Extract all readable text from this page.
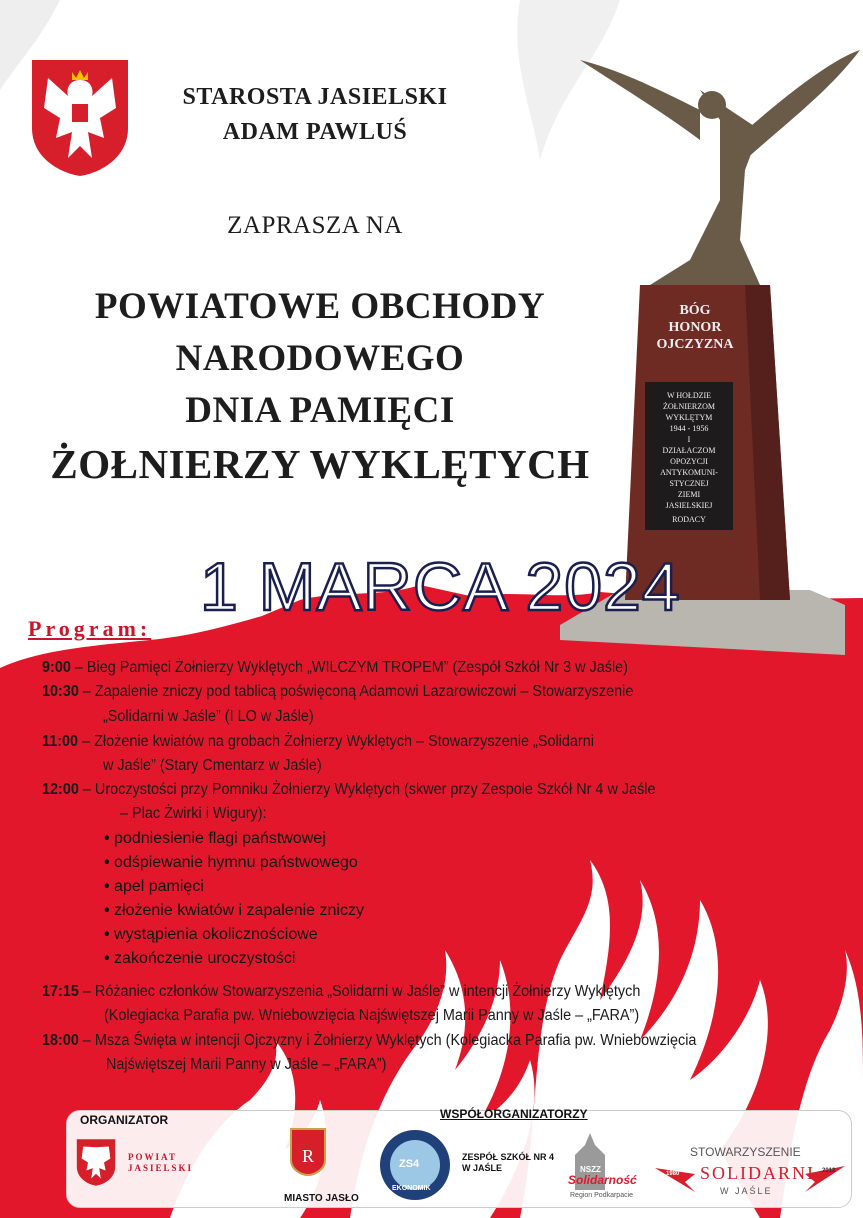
STAROSTA JASIELSKI
ADAM PAWLUŚ
ZAPRASZA NA
POWIATOWE OBCHODY
NARODOWEGO
DNIA PAMIĘCI
ŻOŁNIERZY WYKLĘTYCH
BÓG
HONOR
OJCZYZNA
W HOŁDZIE
ŻOŁNIERZOM
WYKLĘTYM
1944 - 1956
I
DZIAŁACZOM
OPOZYCJI
ANTYKOMUNI-
STYCZNEJ
ZIEMI
JASIELSKIEJ
RODACY
1 MARCA 2024
Program:
9:00 – Bieg Pamięci Żołnierzy Wyklętych „WILCZYM TROPEM” (Zespół Szkół Nr 3 w Jaśle)
10:30 – Zapalenie zniczy pod tablicą poświęconą Adamowi Lazarowiczowi – Stowarzyszenie
„Solidarni w Jaśle” (I LO w Jaśle)
11:00 – Złożenie kwiatów na grobach Żołnierzy Wyklętych – Stowarzyszenie „Solidarni
w Jaśle” (Stary Cmentarz w Jaśle)
12:00 – Uroczystości przy Pomniku Żołnierzy Wyklętych (skwer przy Zespole Szkół Nr 4 w Jaśle
– Plac Żwirki i Wigury):
• podniesienie flagi państwowej
• odśpiewanie hymnu państwowego
• apel pamięci
• złożenie kwiatów i zapalenie zniczy
• wystąpienia okolicznościowe
• zakończenie uroczystości
17:15 – Różaniec członków Stowarzyszenia „Solidarni w Jaśle” w intencji Żołnierzy Wyklętych
(Kolegiacka Parafia pw. Wniebowzięcia Najświętszej Marii Panny w Jaśle – „FARA”)
18:00 – Msza Święta w intencji Ojczyzny i Żołnierzy Wyklętych (Kolegiacka Parafia pw. Wniebowzięcia
Najświętszej Marii Panny w Jaśle – „FARA”)
ORGANIZATOR
POWIAT
JASIELSKI
WSPÓŁORGANIZATORZY
R
MIASTO JASŁO
ZS4
EKONOMIK
ZESPÓŁ SZKÓŁ NR 4
W JAŚLE	NSZZ
Solidarność
Region Podkarpacie
STOWARZYSZENIE
SOLIDARNI
W JAŚLE
1980	2012
